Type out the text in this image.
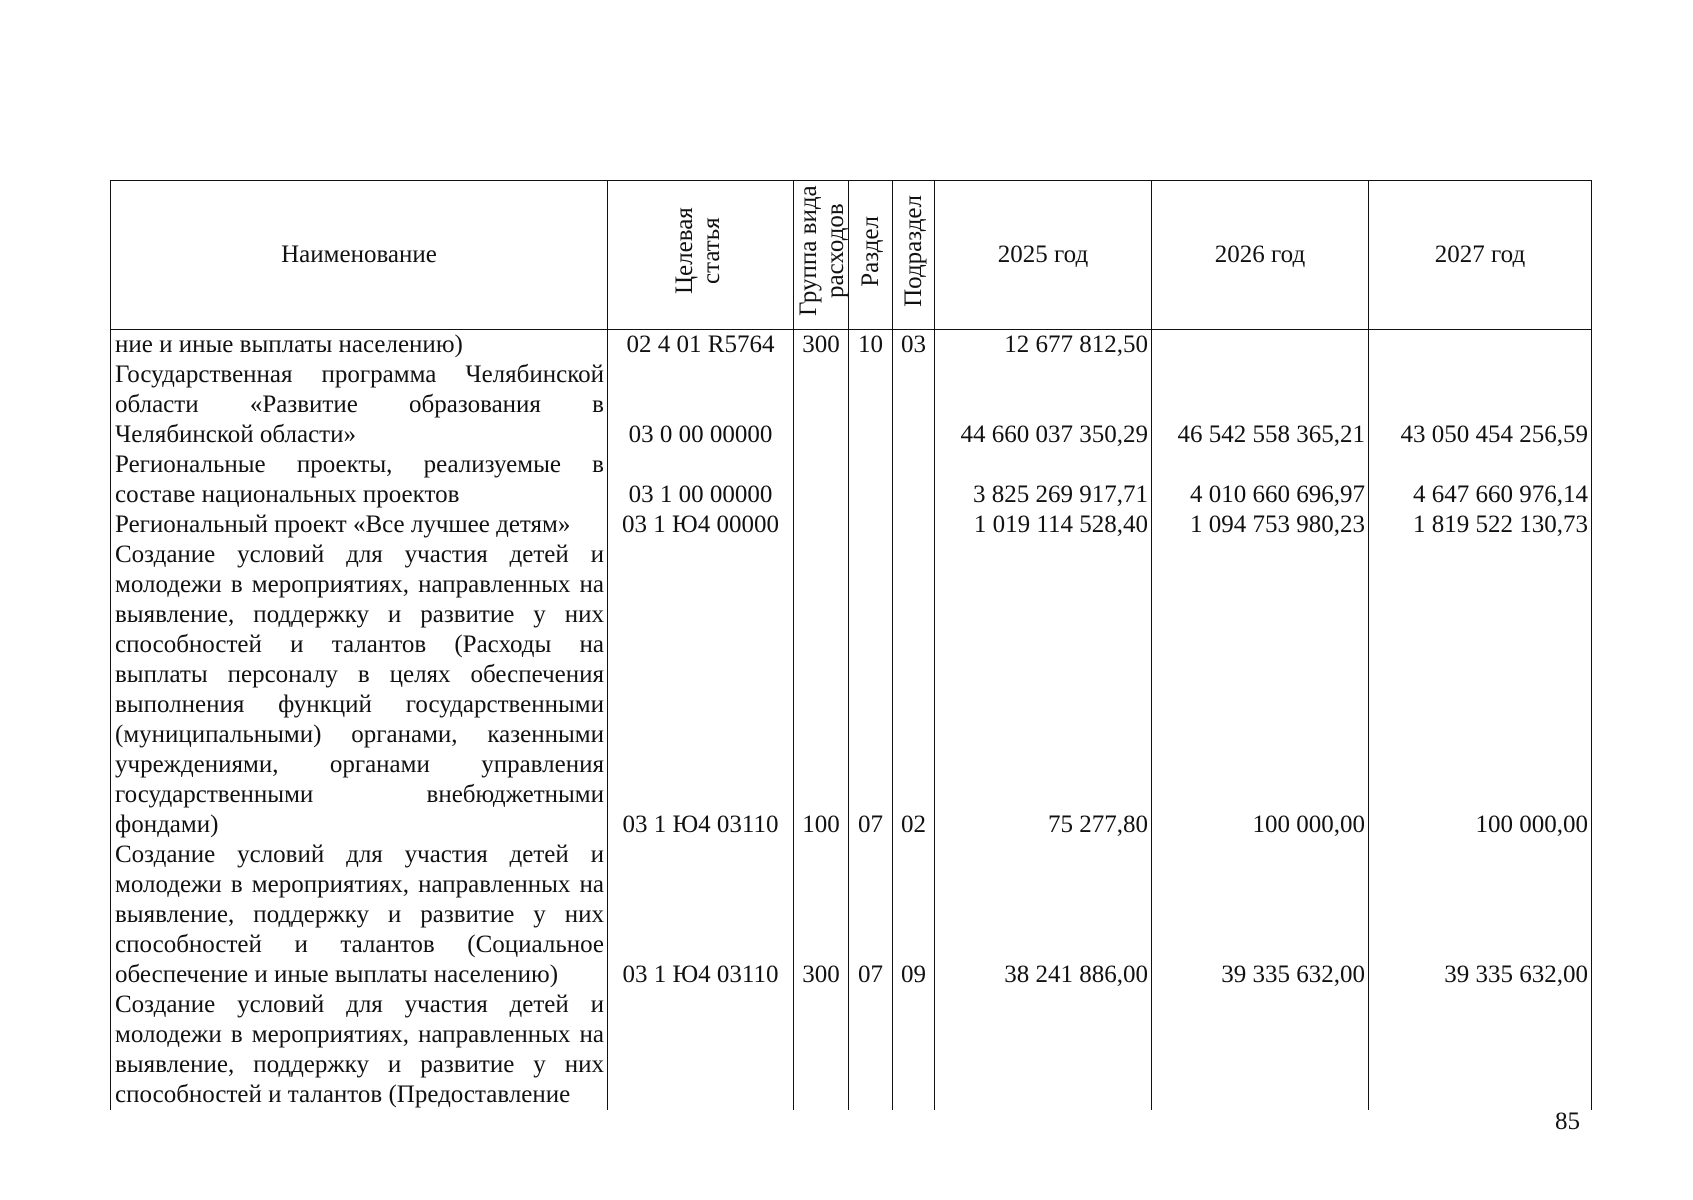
Наименование	Целевая статья	Группа вида расходов	Раздел	Подраздел	2025 год	2026 год	2027 год
ние и иные выплаты населению)	02 4 01 R5764	300	10	03	12 677 812,50		
Государственная программа Челябинской области «Развитие образования в Челябинской области»	03 0 00 00000				44 660 037 350,29	46 542 558 365,21	43 050 454 256,59
Региональные проекты, реализуемые в составе национальных проектов	03 1 00 00000				3 825 269 917,71	4 010 660 696,97	4 647 660 976,14
Региональный проект «Все лучшее детям»	03 1 Ю4 00000				1 019 114 528,40	1 094 753 980,23	1 819 522 130,73
Создание условий для участия детей и молодежи в мероприятиях, направленных на выявление, поддержку и развитие у них способностей и талантов (Расходы на выплаты персоналу в целях обеспечения выполнения функций государственными (муниципальными) органами, казенными учреждениями, органами управления государственными внебюджетными фондами)	03 1 Ю4 03110	100	07	02	75 277,80	100 000,00	100 000,00
Создание условий для участия детей и молодежи в мероприятиях, направленных на выявление, поддержку и развитие у них способностей и талантов (Социальное обеспечение и иные выплаты населению)	03 1 Ю4 03110	300	07	09	38 241 886,00	39 335 632,00	39 335 632,00
Создание условий для участия детей и молодежи в мероприятиях, направленных на выявление, поддержку и развитие у них способностей и талантов (Предоставление							
85
